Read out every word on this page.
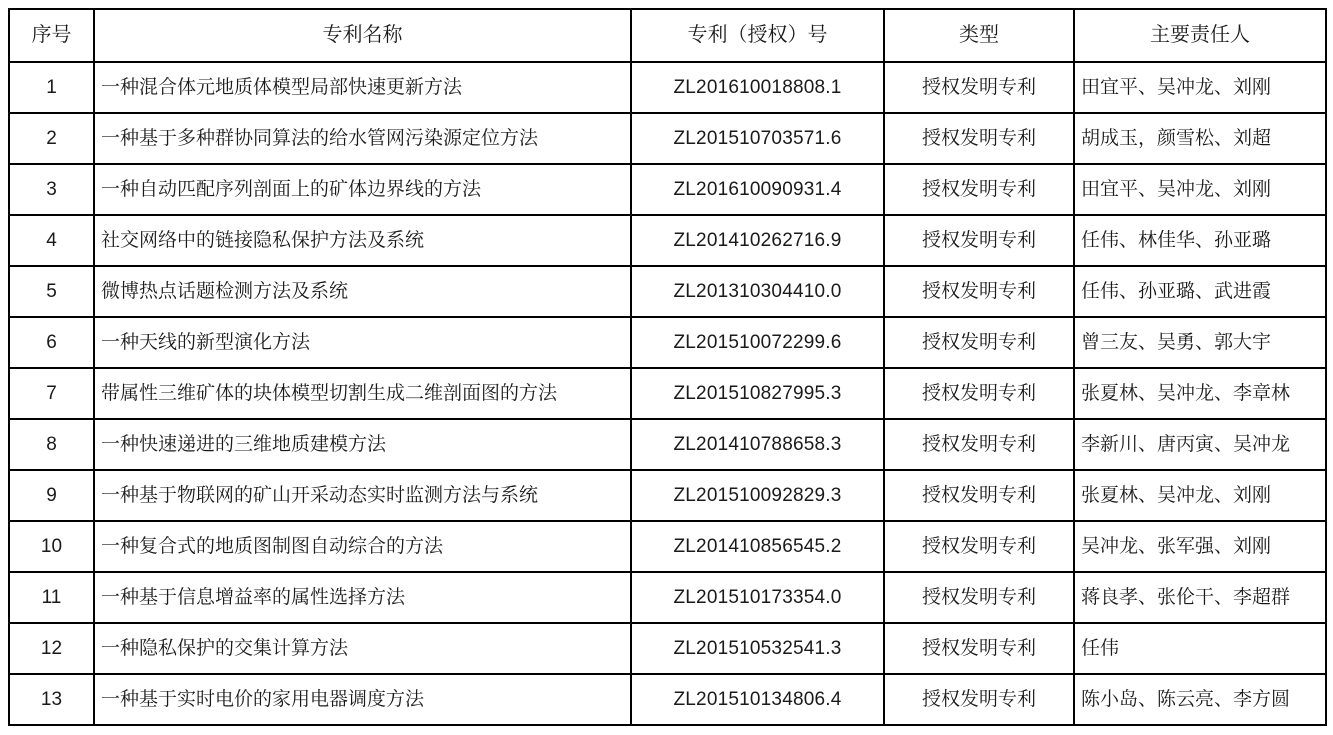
序号	专利名称	专利（授权）号	类型	主要责任人
1	一种混合体元地质体模型局部快速更新方法	ZL201610018808.1	授权发明专利	田宜平、吴冲龙、刘刚
2	一种基于多种群协同算法的给水管网污染源定位方法	ZL201510703571.6	授权发明专利	胡成玉，颜雪松、刘超
3	一种自动匹配序列剖面上的矿体边界线的方法	ZL201610090931.4	授权发明专利	田宜平、吴冲龙、刘刚
4	社交网络中的链接隐私保护方法及系统	ZL201410262716.9	授权发明专利	任伟、林佳华、孙亚璐
5	微博热点话题检测方法及系统	ZL201310304410.0	授权发明专利	任伟、孙亚璐、武进霞
6	一种天线的新型演化方法	ZL201510072299.6	授权发明专利	曾三友、吴勇、郭大宇
7	带属性三维矿体的块体模型切割生成二维剖面图的方法	ZL201510827995.3	授权发明专利	张夏林、吴冲龙、李章林
8	一种快速递进的三维地质建模方法	ZL201410788658.3	授权发明专利	李新川、唐丙寅、吴冲龙
9	一种基于物联网的矿山开采动态实时监测方法与系统	ZL201510092829.3	授权发明专利	张夏林、吴冲龙、刘刚
10	一种复合式的地质图制图自动综合的方法	ZL201410856545.2	授权发明专利	吴冲龙、张军强、刘刚
11	一种基于信息增益率的属性选择方法	ZL201510173354.0	授权发明专利	蒋良孝、张伦干、李超群
12	一种隐私保护的交集计算方法	ZL201510532541.3	授权发明专利	任伟
13	一种基于实时电价的家用电器调度方法	ZL201510134806.4	授权发明专利	陈小岛、陈云亮、李方圆
